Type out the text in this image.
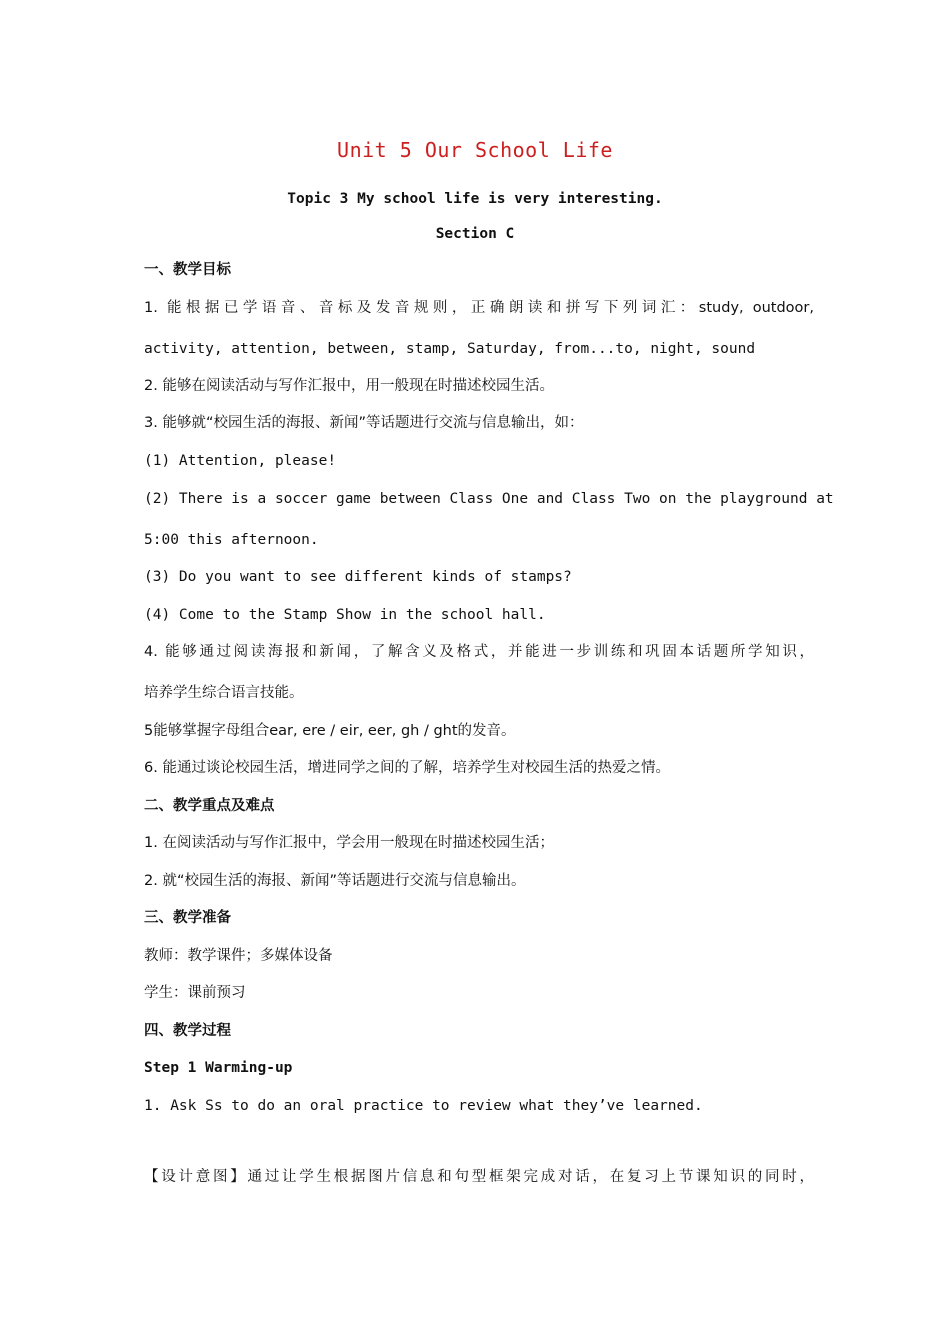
Unit 5 Our School Life
Topic 3 My school life is very interesting.
Section C
一、教学目标
1. 能根据已学语音、音标及发音规则，正确朗读和拼写下列词汇：study, outdoor,
activity, attention, between, stamp, Saturday, from...to, night, sound
2. 能够在阅读活动与写作汇报中，用一般现在时描述校园生活。
3. 能够就“校园生活的海报、新闻”等话题进行交流与信息输出，如：
(1) Attention, please!
(2) There is a soccer game between Class One and Class Two on the playground at
5:00 this afternoon.
(3) Do you want to see different kinds of stamps?
(4) Come to the Stamp Show in the school hall.
4. 能够通过阅读海报和新闻，了解含义及格式，并能进一步训练和巩固本话题所学知识，
培养学生综合语言技能。
5能够掌握字母组合ear, ere / eir, eer, gh / ght的发音。
6. 能通过谈论校园生活，增进同学之间的了解，培养学生对校园生活的热爱之情。
二、教学重点及难点
1. 在阅读活动与写作汇报中，学会用一般现在时描述校园生活；
2. 就“校园生活的海报、新闻”等话题进行交流与信息输出。
三、教学准备
教师：教学课件；多媒体设备
学生：课前预习
四、教学过程
Step 1 Warming-up
1. Ask Ss to do an oral practice to review what they’ve learned.
【设计意图】通过让学生根据图片信息和句型框架完成对话，在复习上节课知识的同时，
